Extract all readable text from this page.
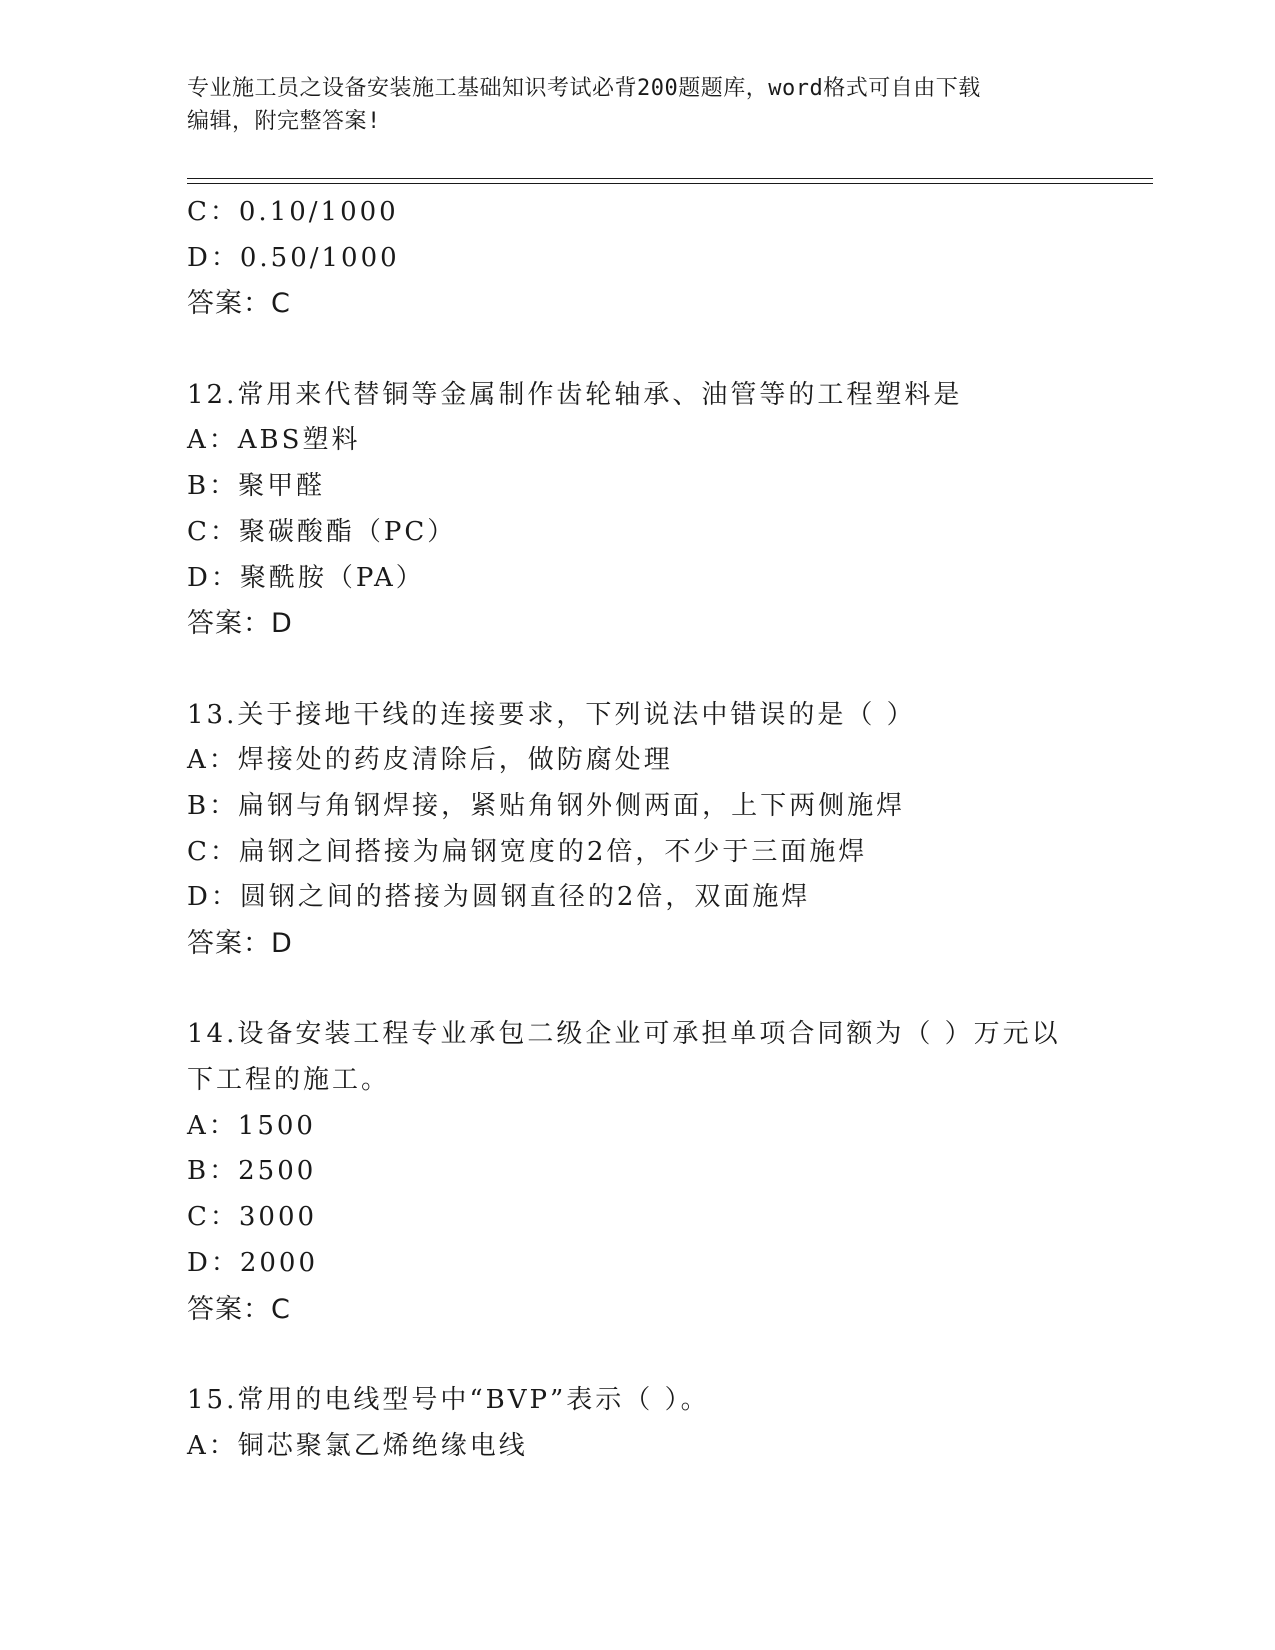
专业施工员之设备安装施工基础知识考试必背200题题库，word格式可自由下载
编辑，附完整答案!
C：0.10/1000
D：0.50/1000
答案：C
12.常用来代替铜等金属制作齿轮轴承、油管等的工程塑料是
A：ABS塑料
B：聚甲醛
C：聚碳酸酯（PC）
D：聚酰胺（PA）
答案：D
13.关于接地干线的连接要求，下列说法中错误的是（ ）
A：焊接处的药皮清除后，做防腐处理
B：扁钢与角钢焊接，紧贴角钢外侧两面，上下两侧施焊
C：扁钢之间搭接为扁钢宽度的2倍，不少于三面施焊
D：圆钢之间的搭接为圆钢直径的2倍，双面施焊
答案：D
14.设备安装工程专业承包二级企业可承担单项合同额为（ ）万元以
下工程的施工。
A：1500
B：2500
C：3000
D：2000
答案：C
15.常用的电线型号中“BVP”表示（ ）。
A：铜芯聚氯乙烯绝缘电线
